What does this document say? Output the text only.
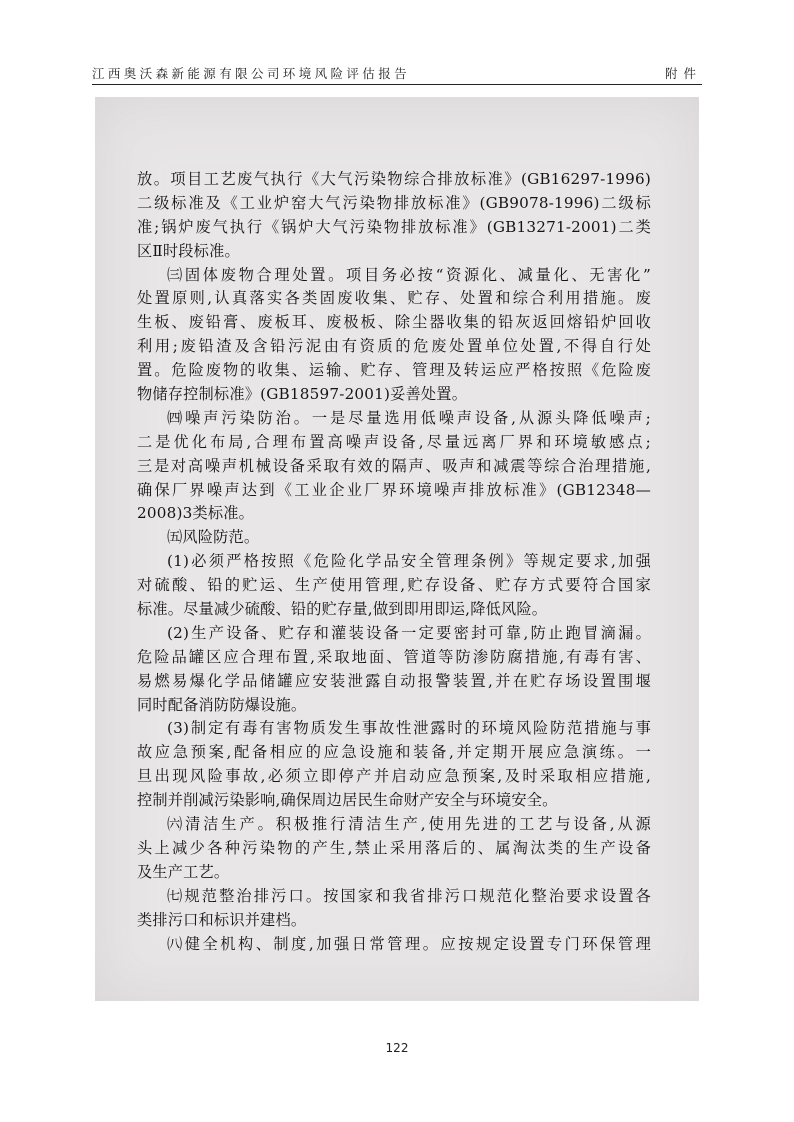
江西奥沃森新能源有限公司环境风险评估报告	附件
放。项目工艺废气执行《大气污染物综合排放标准》(GB16297-1996)
二级标准及《工业炉窑大气污染物排放标准》(GB9078-1996)二级标
准;锅炉废气执行《锅炉大气污染物排放标准》(GB13271-2001)二类
区Ⅱ时段标准。
㈢固体废物合理处置。项目务必按“资源化、减量化、无害化”
处置原则,认真落实各类固废收集、贮存、处置和综合利用措施。废
生板、废铅膏、废板耳、废极板、除尘器收集的铅灰返回熔铅炉回收
利用;废铅渣及含铅污泥由有资质的危废处置单位处置,不得自行处
置。危险废物的收集、运输、贮存、管理及转运应严格按照《危险废
物储存控制标准》(GB18597-2001)妥善处置。
㈣噪声污染防治。一是尽量选用低噪声设备,从源头降低噪声;
二是优化布局,合理布置高噪声设备,尽量远离厂界和环境敏感点;
三是对高噪声机械设备采取有效的隔声、吸声和减震等综合治理措施,
确保厂界噪声达到《工业企业厂界环境噪声排放标准》(GB12348—
2008)3类标准。
㈤风险防范。
(1)必须严格按照《危险化学品安全管理条例》等规定要求,加强
对硫酸、铅的贮运、生产使用管理,贮存设备、贮存方式要符合国家
标准。尽量减少硫酸、铅的贮存量,做到即用即运,降低风险。
(2)生产设备、贮存和灌装设备一定要密封可靠,防止跑冒滴漏。
危险品罐区应合理布置,采取地面、管道等防渗防腐措施,有毒有害、
易燃易爆化学品储罐应安装泄露自动报警装置,并在贮存场设置围堰
同时配备消防防爆设施。
(3)制定有毒有害物质发生事故性泄露时的环境风险防范措施与事
故应急预案,配备相应的应急设施和装备,并定期开展应急演练。一
旦出现风险事故,必须立即停产并启动应急预案,及时采取相应措施,
控制并削减污染影响,确保周边居民生命财产安全与环境安全。
㈥清洁生产。积极推行清洁生产,使用先进的工艺与设备,从源
头上减少各种污染物的产生,禁止采用落后的、属淘汰类的生产设备
及生产工艺。
㈦规范整治排污口。按国家和我省排污口规范化整治要求设置各
类排污口和标识并建档。
㈧健全机构、制度,加强日常管理。应按规定设置专门环保管理
122
